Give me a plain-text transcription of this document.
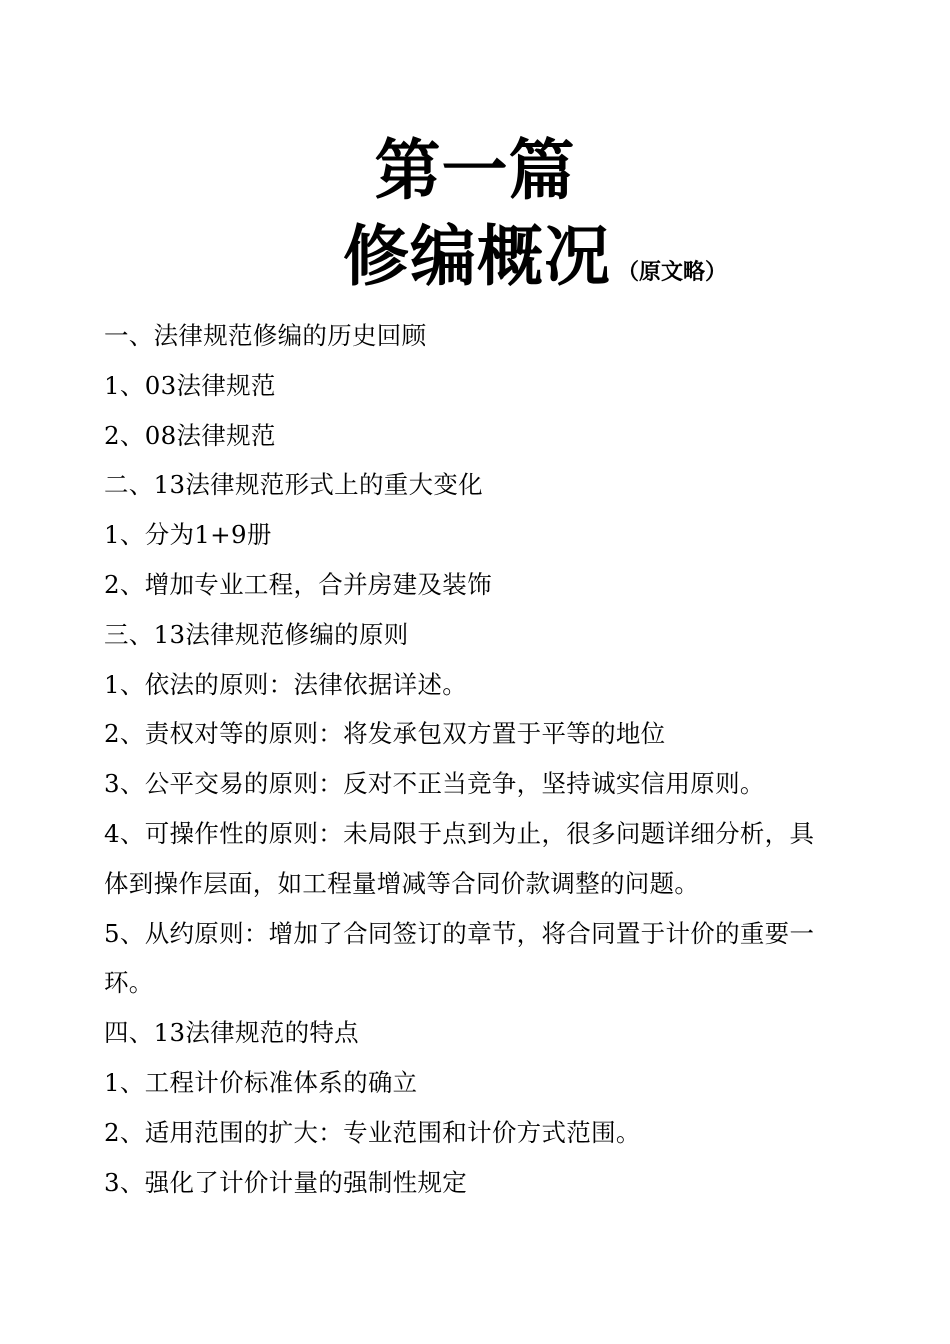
第一篇
修编概况 （原文略）
一、法律规范修编的历史回顾
1、03法律规范
2、08法律规范
二、13法律规范形式上的重大变化
1、分为1+9册
2、增加专业工程，合并房建及装饰
三、13法律规范修编的原则
1、依法的原则：法律依据详述。
2、责权对等的原则：将发承包双方置于平等的地位
3、公平交易的原则：反对不正当竞争，坚持诚实信用原则。
4、可操作性的原则：未局限于点到为止，很多问题详细分析，具
体到操作层面，如工程量增减等合同价款调整的问题。
5、从约原则：增加了合同签订的章节，将合同置于计价的重要一
环。
四、13法律规范的特点
1、工程计价标准体系的确立
2、适用范围的扩大：专业范围和计价方式范围。
3、强化了计价计量的强制性规定
